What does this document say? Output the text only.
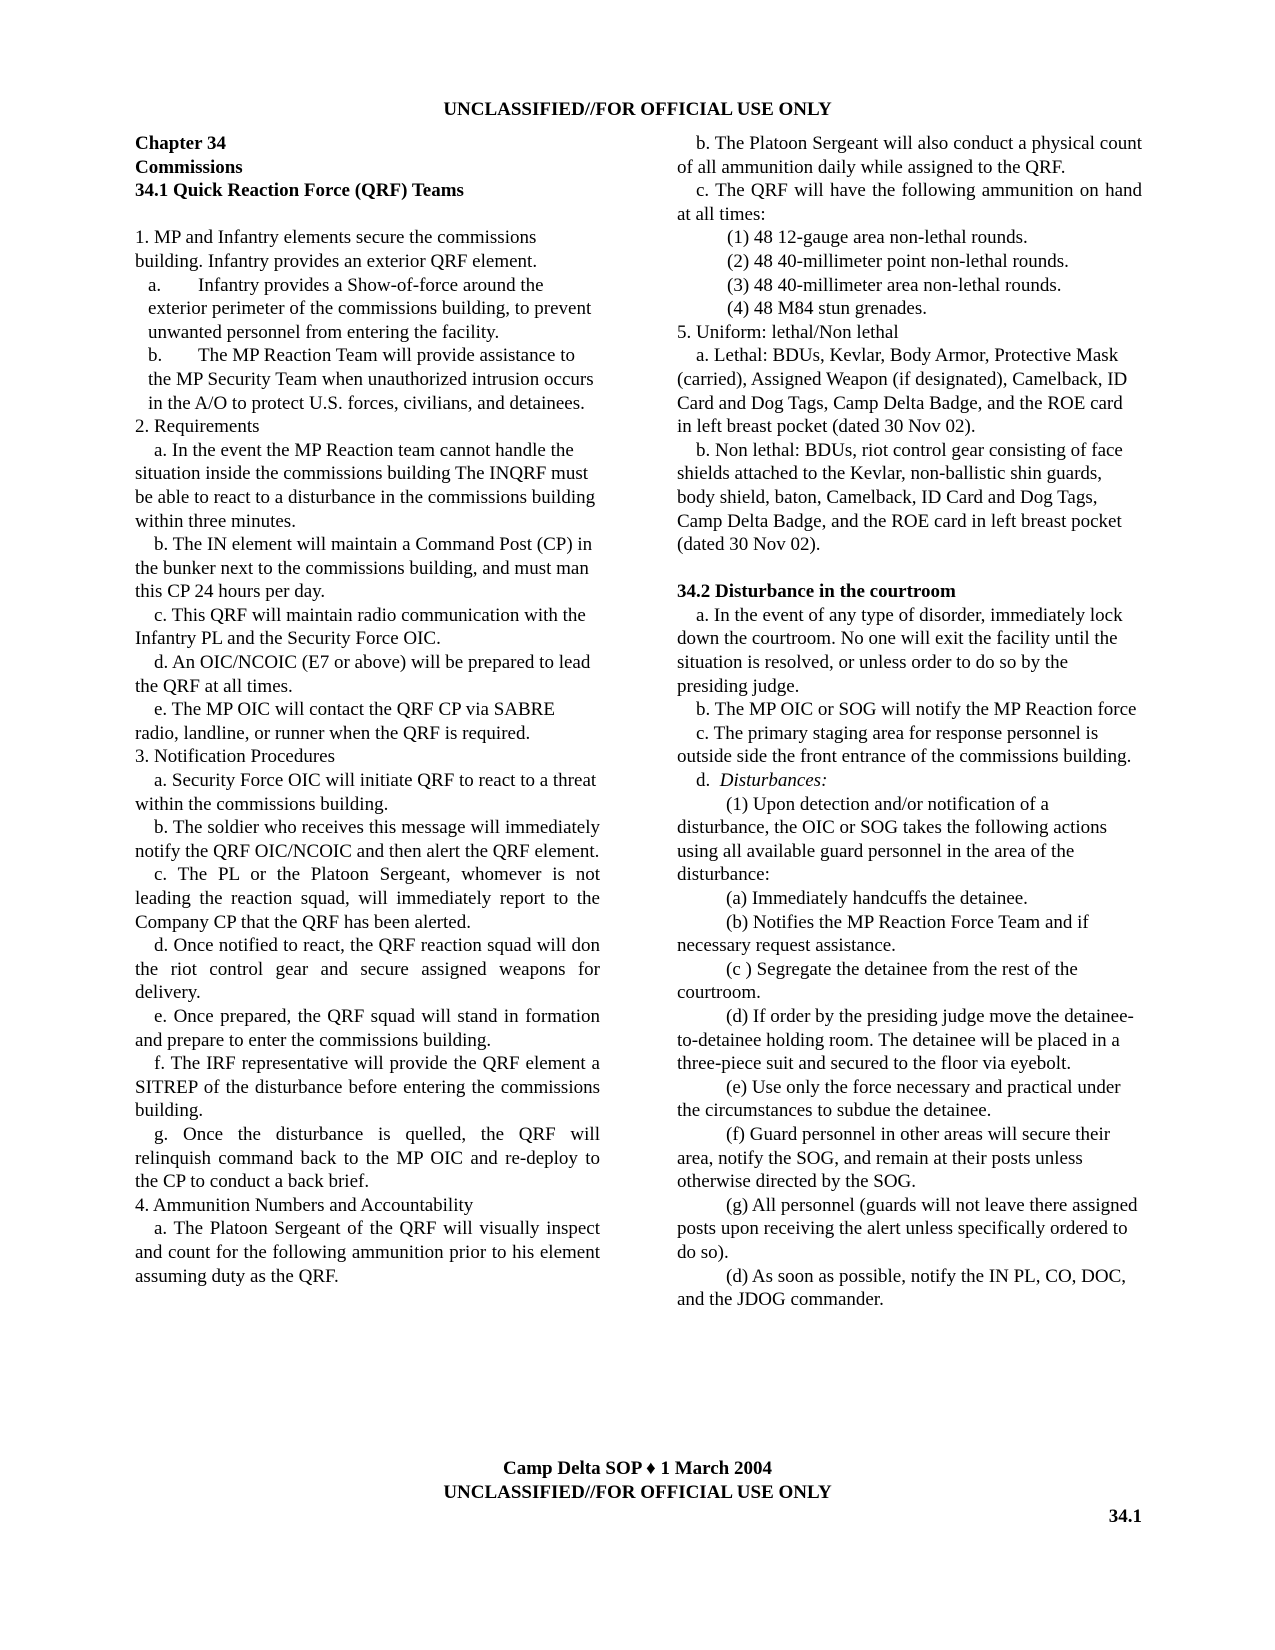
UNCLASSIFIED//FOR OFFICIAL USE ONLY

Chapter 34

Commissions

34.1 Quick Reaction Force (QRF) Teams

1. MP and Infantry elements secure the commissions building. Infantry provides an exterior QRF element.

a. Infantry provides a Show-of-force around the exterior perimeter of the commissions building, to prevent unwanted personnel from entering the facility.

b. The MP Reaction Team will provide assistance to the MP Security Team when unauthorized intrusion occurs in the A/O to protect U.S. forces, civilians, and detainees.

2. Requirements

a. In the event the MP Reaction team cannot handle the situation inside the commissions building The INQRF must be able to react to a disturbance in the commissions building within three minutes.

b. The IN element will maintain a Command Post (CP) in the bunker next to the commissions building, and must man this CP 24 hours per day.

c. This QRF will maintain radio communication with the Infantry PL and the Security Force OIC.

d. An OIC/NCOIC (E7 or above) will be prepared to lead the QRF at all times.

e. The MP OIC will contact the QRF CP via SABRE radio, landline, or runner when the QRF is required.

3. Notification Procedures

a. Security Force OIC will initiate QRF to react to a threat within the commissions building.

b. The soldier who receives this message will immediately notify the QRF OIC/NCOIC and then alert the QRF element.

c. The PL or the Platoon Sergeant, whomever is not leading the reaction squad, will immediately report to the Company CP that the QRF has been alerted.

d. Once notified to react, the QRF reaction squad will don the riot control gear and secure assigned weapons for delivery.

e. Once prepared, the QRF squad will stand in formation and prepare to enter the commissions building.

f. The IRF representative will provide the QRF element a SITREP of the disturbance before entering the commissions building.

g. Once the disturbance is quelled, the QRF will relinquish command back to the MP OIC and re-deploy to the CP to conduct a back brief.

4. Ammunition Numbers and Accountability

a. The Platoon Sergeant of the QRF will visually inspect and count for the following ammunition prior to his element assuming duty as the QRF.

b. The Platoon Sergeant will also conduct a physical count of all ammunition daily while assigned to the QRF.

c. The QRF will have the following ammunition on hand at all times:

(1) 48 12-gauge area non-lethal rounds.

(2) 48 40-millimeter point non-lethal rounds.

(3) 48 40-millimeter area non-lethal rounds.

(4) 48 M84 stun grenades.

5. Uniform: lethal/Non lethal

a. Lethal: BDUs, Kevlar, Body Armor, Protective Mask (carried), Assigned Weapon (if designated), Camelback, ID Card and Dog Tags, Camp Delta Badge, and the ROE card in left breast pocket (dated 30 Nov 02).

b. Non lethal: BDUs, riot control gear consisting of face shields attached to the Kevlar, non-ballistic shin guards, body shield, baton, Camelback, ID Card and Dog Tags, Camp Delta Badge, and the ROE card in left breast pocket (dated 30 Nov 02).

34.2 Disturbance in the courtroom

a. In the event of any type of disorder, immediately lock down the courtroom. No one will exit the facility until the situation is resolved, or unless order to do so by the presiding judge.

b. The MP OIC or SOG will notify the MP Reaction force

c. The primary staging area for response personnel is outside side the front entrance of the commissions building.

d. Disturbances:

(1) Upon detection and/or notification of a disturbance, the OIC or SOG takes the following actions using all available guard personnel in the area of the disturbance:

(a) Immediately handcuffs the detainee.

(b) Notifies the MP Reaction Force Team and if necessary request assistance.

(c ) Segregate the detainee from the rest of the courtroom.

(d) If order by the presiding judge move the detainee-to-detainee holding room. The detainee will be placed in a three-piece suit and secured to the floor via eyebolt.

(e) Use only the force necessary and practical under the circumstances to subdue the detainee.

(f) Guard personnel in other areas will secure their area, notify the SOG, and remain at their posts unless otherwise directed by the SOG.

(g) All personnel (guards will not leave there assigned posts upon receiving the alert unless specifically ordered to do so).

(d) As soon as possible, notify the IN PL, CO, DOC, and the JDOG commander.

Camp Delta SOP ♦ 1 March 2004
UNCLASSIFIED//FOR OFFICIAL USE ONLY
34.1
